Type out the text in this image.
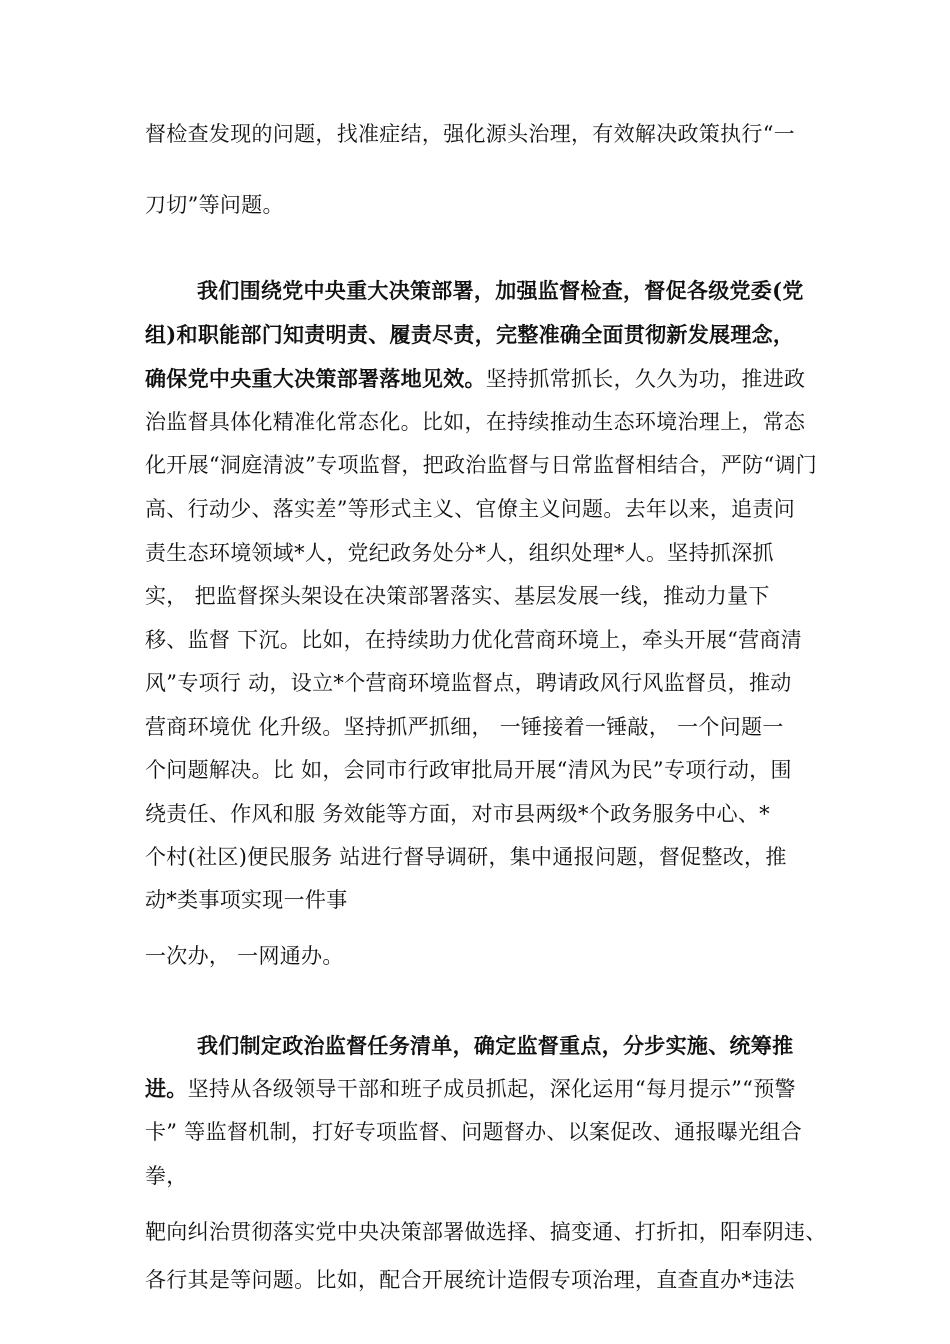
督检查发现的问题，找准症结，强化源头治理，有效解决政策执行“一
刀切”等问题。
我们围绕党中央重大决策部署，加强监督检查，督促各级党委(党
组)和职能部门知责明责、履责尽责，完整准确全面贯彻新发展理念，
确保党中央重大决策部署落地见效。坚持抓常抓长，久久为功，推进政
治监督具体化精准化常态化。比如，在持续推动生态环境治理上，常态
化开展“洞庭清波”专项监督，把政治监督与日常监督相结合，严防“调门
高、行动少、落实差”等形式主义、官僚主义问题。去年以来，追责问
责生态环境领域*人，党纪政务处分*人，组织处理*人。坚持抓深抓
实， 把监督探头架设在决策部署落实、基层发展一线，推动力量下
移、监督 下沉。比如，在持续助力优化营商环境上，牵头开展“营商清
风”专项行 动，设立*个营商环境监督点，聘请政风行风监督员，推动
营商环境优 化升级。坚持抓严抓细， 一锤接着一锤敲， 一个问题一
个问题解决。比 如，会同市行政审批局开展“清风为民”专项行动，围
绕责任、作风和服 务效能等方面，对市县两级*个政务服务中心、*
个村(社区)便民服务 站进行督导调研，集中通报问题，督促整改，推
动*类事项实现一件事
一次办， 一网通办。
我们制定政治监督任务清单，确定监督重点，分步实施、统筹推
进。坚持从各级领导干部和班子成员抓起，深化运用“每月提示”“预警
卡” 等监督机制，打好专项监督、问题督办、以案促改、通报曝光组合
拳，
靶向纠治贯彻落实党中央决策部署做选择、搞变通、打折扣，阳奉阴违、
各行其是等问题。比如，配合开展统计造假专项治理，直查直办*违法
